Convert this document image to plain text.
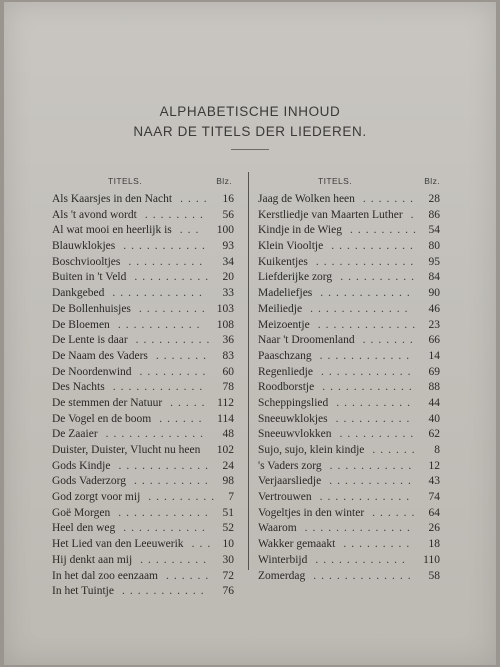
ALPHABETISCHE INHOUD
NAAR DE TITELS DER LIEDEREN.
TITELS.	Blz.
Als Kaarsjes in den Nacht .... 16
Als 't avond wordt ........ 56
Al wat mooi en heerlijk is ... 100
Blauwklokjes ........... 93
Boschviooltjes .......... 34
Buiten in 't Veld .......... 20
Dankgebed ............ 33
De Bollenhuisjes ......... 103
De Bloemen ........... 108
De Lente is daar .......... 36
De Naam des Vaders ....... 83
De Noordenwind ......... 60
Des Nachts ............ 78
De stemmen der Natuur ..... 112
De Vogel en de boom ...... 114
De Zaaier ............. 48
Duister, Duister, Vlucht nu heen 102
Gods Kindje ............ 24
Gods Vaderzorg .......... 98
God zorgt voor mij ......... 7
Goë Morgen ............ 51
Heel den weg ........... 52
Het Lied van den Leeuwerik ... 10
Hij denkt aan mij ......... 30
In het dal zoo eenzaam ...... 72
In het Tuintje ........... 76
TITELS.	Blz.
Jaag de Wolken heen ....... 28
Kerstliedje van Maarten Luther . 86
Kindje in de Wieg ......... 54
Klein Viooltje ........... 80
Kuikentjes ............. 95
Liefderijke zorg .......... 84
Madeliefjes ............ 90
Meiliedje ............. 46
Meizoentje ............. 23
Naar 't Droomenland ....... 66
Paaschzang ............ 14
Regenliedje ............ 69
Roodborstje ............ 88
Scheppingslied .......... 44
Sneeuwklokjes .......... 40
Sneeuwvlokken .......... 62
Sujo, sujo, klein kindje ...... 8
's Vaders zorg ........... 12
Verjaarsliedje ........... 43
Vertrouwen ............ 74
Vogeltjes in den winter ...... 64
Waarom .............. 26
Wakker gemaakt ......... 18
Winterbijd ............ 110
Zomerdag ............. 58
